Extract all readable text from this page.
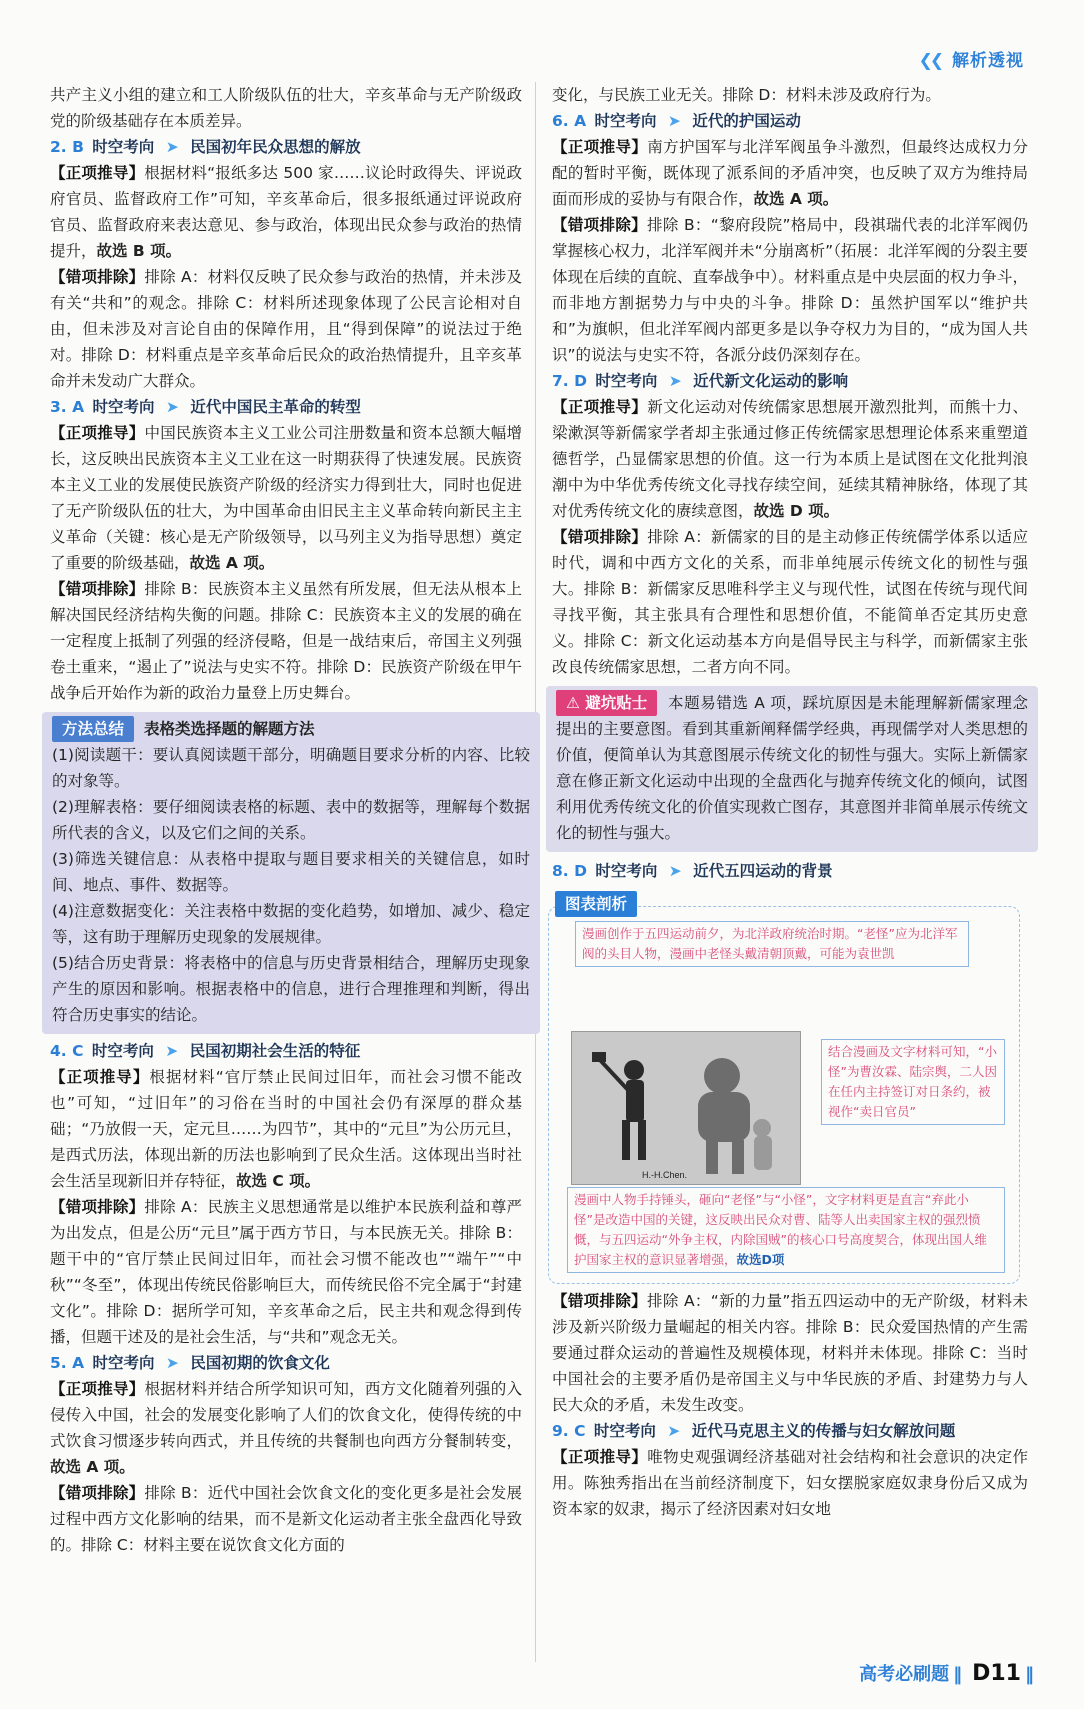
❮❮ 解析透视

共产主义小组的建立和工人阶级队伍的壮大，辛亥革命与无产阶级政党的阶级基础存在本质差异。

2. B 时空考向 ➤ 民国初年民众思想的解放

【正项推导】根据材料“报纸多达 500 家……议论时政得失、评说政府官员、监督政府工作”可知，辛亥革命后，很多报纸通过评说政府官员、监督政府来表达意见、参与政治，体现出民众参与政治的热情提升，故选 B 项。

【错项排除】排除 A：材料仅反映了民众参与政治的热情，并未涉及有关“共和”的观念。排除 C：材料所述现象体现了公民言论相对自由，但未涉及对言论自由的保障作用，且“得到保障”的说法过于绝对。排除 D：材料重点是辛亥革命后民众的政治热情提升，且辛亥革命并未发动广大群众。

3. A 时空考向 ➤ 近代中国民主革命的转型

【正项推导】中国民族资本主义工业公司注册数量和资本总额大幅增长，这反映出民族资本主义工业在这一时期获得了快速发展。民族资本主义工业的发展使民族资产阶级的经济实力得到壮大，同时也促进了无产阶级队伍的壮大，为中国革命由旧民主主义革命转向新民主主义革命（关键：核心是无产阶级领导，以马列主义为指导思想）奠定了重要的阶级基础，故选 A 项。

【错项排除】排除 B：民族资本主义虽然有所发展，但无法从根本上解决国民经济结构失衡的问题。排除 C：民族资本主义的发展的确在一定程度上抵制了列强的经济侵略，但是一战结束后，帝国主义列强卷土重来，“遏止了”说法与史实不符。排除 D：民族资产阶级在甲午战争后开始作为新的政治力量登上历史舞台。

方法总结 表格类选择题的解题方法

(1)阅读题干：要认真阅读题干部分，明确题目要求分析的内容、比较的对象等。

(2)理解表格：要仔细阅读表格的标题、表中的数据等，理解每个数据所代表的含义，以及它们之间的关系。

(3)筛选关键信息：从表格中提取与题目要求相关的关键信息，如时间、地点、事件、数据等。

(4)注意数据变化：关注表格中数据的变化趋势，如增加、减少、稳定等，这有助于理解历史现象的发展规律。

(5)结合历史背景：将表格中的信息与历史背景相结合，理解历史现象产生的原因和影响。根据表格中的信息，进行合理推理和判断，得出符合历史事实的结论。

4. C 时空考向 ➤ 民国初期社会生活的特征

【正项推导】根据材料“官厅禁止民间过旧年，而社会习惯不能改也”可知，“过旧年”的习俗在当时的中国社会仍有深厚的群众基础；“乃放假一天，定元旦……为四节”，其中的“元旦”为公历元旦，是西式历法，体现出新的历法也影响到了民众生活。这体现出当时社会生活呈现新旧并存特征，故选 C 项。

【错项排除】排除 A：民族主义思想通常是以维护本民族利益和尊严为出发点，但是公历“元旦”属于西方节日，与本民族无关。排除 B：题干中的“官厅禁止民间过旧年，而社会习惯不能改也”“端午”“中秋”“冬至”，体现出传统民俗影响巨大，而传统民俗不完全属于“封建文化”。排除 D：据所学可知，辛亥革命之后，民主共和观念得到传播，但题干述及的是社会生活，与“共和”观念无关。

5. A 时空考向 ➤ 民国初期的饮食文化

【正项推导】根据材料并结合所学知识可知，西方文化随着列强的入侵传入中国，社会的发展变化影响了人们的饮食文化，使得传统的中式饮食习惯逐步转向西式，并且传统的共餐制也向西方分餐制转变，故选 A 项。

【错项排除】排除 B：近代中国社会饮食文化的变化更多是社会发展过程中西方文化影响的结果，而不是新文化运动者主张全盘西化导致的。排除 C：材料主要在说饮食文化方面的

变化，与民族工业无关。排除 D：材料未涉及政府行为。

6. A 时空考向 ➤ 近代的护国运动

【正项推导】南方护国军与北洋军阀虽争斗激烈，但最终达成权力分配的暂时平衡，既体现了派系间的矛盾冲突，也反映了双方为维持局面而形成的妥协与有限合作，故选 A 项。

【错项排除】排除 B：“黎府段院”格局中，段祺瑞代表的北洋军阀仍掌握核心权力，北洋军阀并未“分崩离析”（拓展：北洋军阀的分裂主要体现在后续的直皖、直奉战争中）。材料重点是中央层面的权力争斗，而非地方割据势力与中央的斗争。排除 D：虽然护国军以“维护共和”为旗帜，但北洋军阀内部更多是以争夺权力为目的，“成为国人共识”的说法与史实不符，各派分歧仍深刻存在。

7. D 时空考向 ➤ 近代新文化运动的影响

【正项推导】新文化运动对传统儒家思想展开激烈批判，而熊十力、梁漱溟等新儒家学者却主张通过修正传统儒家思想理论体系来重塑道德哲学，凸显儒家思想的价值。这一行为本质上是试图在文化批判浪潮中为中华优秀传统文化寻找存续空间，延续其精神脉络，体现了其对优秀传统文化的赓续意图，故选 D 项。

【错项排除】排除 A：新儒家的目的是主动修正传统儒学体系以适应时代，调和中西方文化的关系，而非单纯展示传统文化的韧性与强大。排除 B：新儒家反思唯科学主义与现代性，试图在传统与现代间寻找平衡，其主张具有合理性和思想价值，不能简单否定其历史意义。排除 C：新文化运动基本方向是倡导民主与科学，而新儒家主张改良传统儒家思想，二者方向不同。

⚠ 避坑贴士 本题易错选 A 项，踩坑原因是未能理解新儒家理念提出的主要意图。看到其重新阐释儒学经典，再现儒学对人类思想的价值，便简单认为其意图展示传统文化的韧性与强大。实际上新儒家意在修正新文化运动中出现的全盘西化与抛弃传统文化的倾向，试图利用优秀传统文化的价值实现救亡图存，其意图并非简单展示传统文化的韧性与强大。

8. D 时空考向 ➤ 近代五四运动的背景
图表剖析
漫画创作于五四运动前夕，为北洋政府统治时期。“老怪”应为北洋军阀的头目人物，漫画中老怪头戴清朝顶戴，可能为袁世凯
H.-H.Chen.
结合漫画及文字材料可知，“小怪”为曹汝霖、陆宗舆，二人因在任内主持签订对日条约，被视作“卖日官员”
漫画中人物手持锤头，砸向“老怪”与“小怪”，文字材料更是直言“弃此小怪”是改造中国的关键，这反映出民众对曹、陆等人出卖国家主权的强烈愤慨，与五四运动“外争主权，内除国贼”的核心口号高度契合，体现出国人维护国家主权的意识显著增强，故选D项

【错项排除】排除 A：“新的力量”指五四运动中的无产阶级，材料未涉及新兴阶级力量崛起的相关内容。排除 B：民众爱国热情的产生需要通过群众运动的普遍性及规模体现，材料并未体现。排除 C：当时中国社会的主要矛盾仍是帝国主义与中华民族的矛盾、封建势力与人民大众的矛盾，未发生改变。

9. C 时空考向 ➤ 近代马克思主义的传播与妇女解放问题

【正项推导】唯物史观强调经济基础对社会结构和社会意识的决定作用。陈独秀指出在当前经济制度下，妇女摆脱家庭奴隶身份后又成为资本家的奴隶，揭示了经济因素对妇女地

高考必刷题 ‖ D11 ‖
